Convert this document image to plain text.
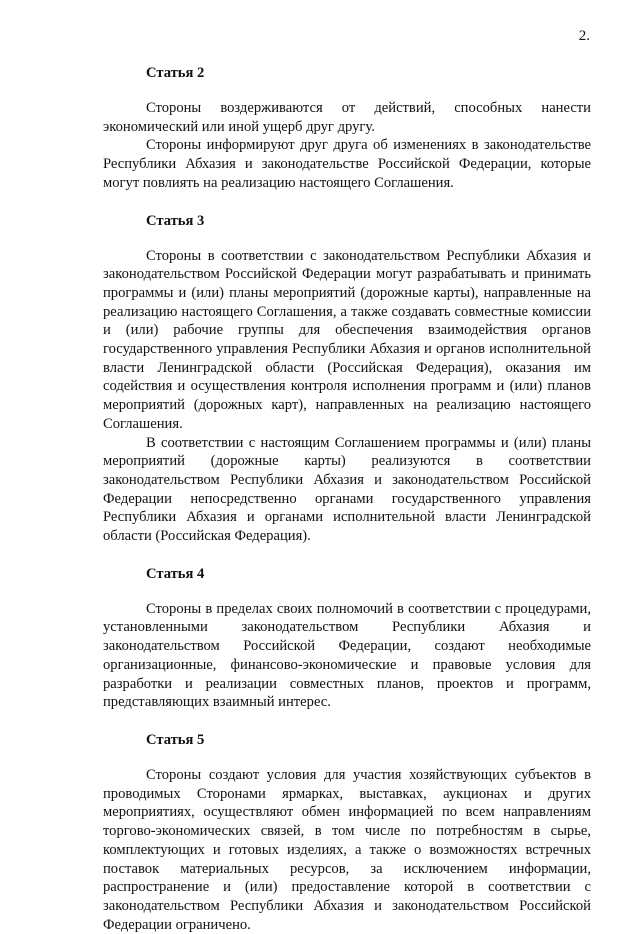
2.
Статья 2

Стороны воздерживаются от действий, способных нанести экономический или иной ущерб друг другу.

Стороны информируют друг друга об изменениях в законодательстве Республики Абхазия и законодательстве Российской Федерации, которые могут повлиять на реализацию настоящего Соглашения.

Статья 3

Стороны в соответствии с законодательством Республики Абхазия и законодательством Российской Федерации могут разрабатывать и принимать программы и (или) планы мероприятий (дорожные карты), направленные на реализацию настоящего Соглашения, а также создавать совместные комиссии и (или) рабочие группы для обеспечения взаимодействия органов государственного управления Республики Абхазия и органов исполнительной власти Ленинградской области (Российская Федерация), оказания им содействия и осуществления контроля исполнения программ и (или) планов мероприятий (дорожных карт), направленных на реализацию настоящего Соглашения.

В соответствии с настоящим Соглашением программы и (или) планы мероприятий (дорожные карты) реализуются в соответствии законодательством Республики Абхазия и законодательством Российской Федерации непосредственно органами государственного управления Республики Абхазия и органами исполнительной власти Ленинградской области (Российская Федерация).

Статья 4

Стороны в пределах своих полномочий в соответствии с процедурами, установленными законодательством Республики Абхазия и законодательством Российской Федерации, создают необходимые организационные, финансово-экономические и правовые условия для разработки и реализации совместных планов, проектов и программ, представляющих взаимный интерес.

Статья 5

Стороны создают условия для участия хозяйствующих субъектов в проводимых Сторонами ярмарках, выставках, аукционах и других мероприятиях, осуществляют обмен информацией по всем направлениям торгово-экономических связей, в том числе по потребностям в сырье, комплектующих и готовых изделиях, а также о возможностях встречных поставок материальных ресурсов, за исключением информации, распространение и (или) предоставление которой в соответствии с законодательством Республики Абхазия и законодательством Российской Федерации ограничено.
